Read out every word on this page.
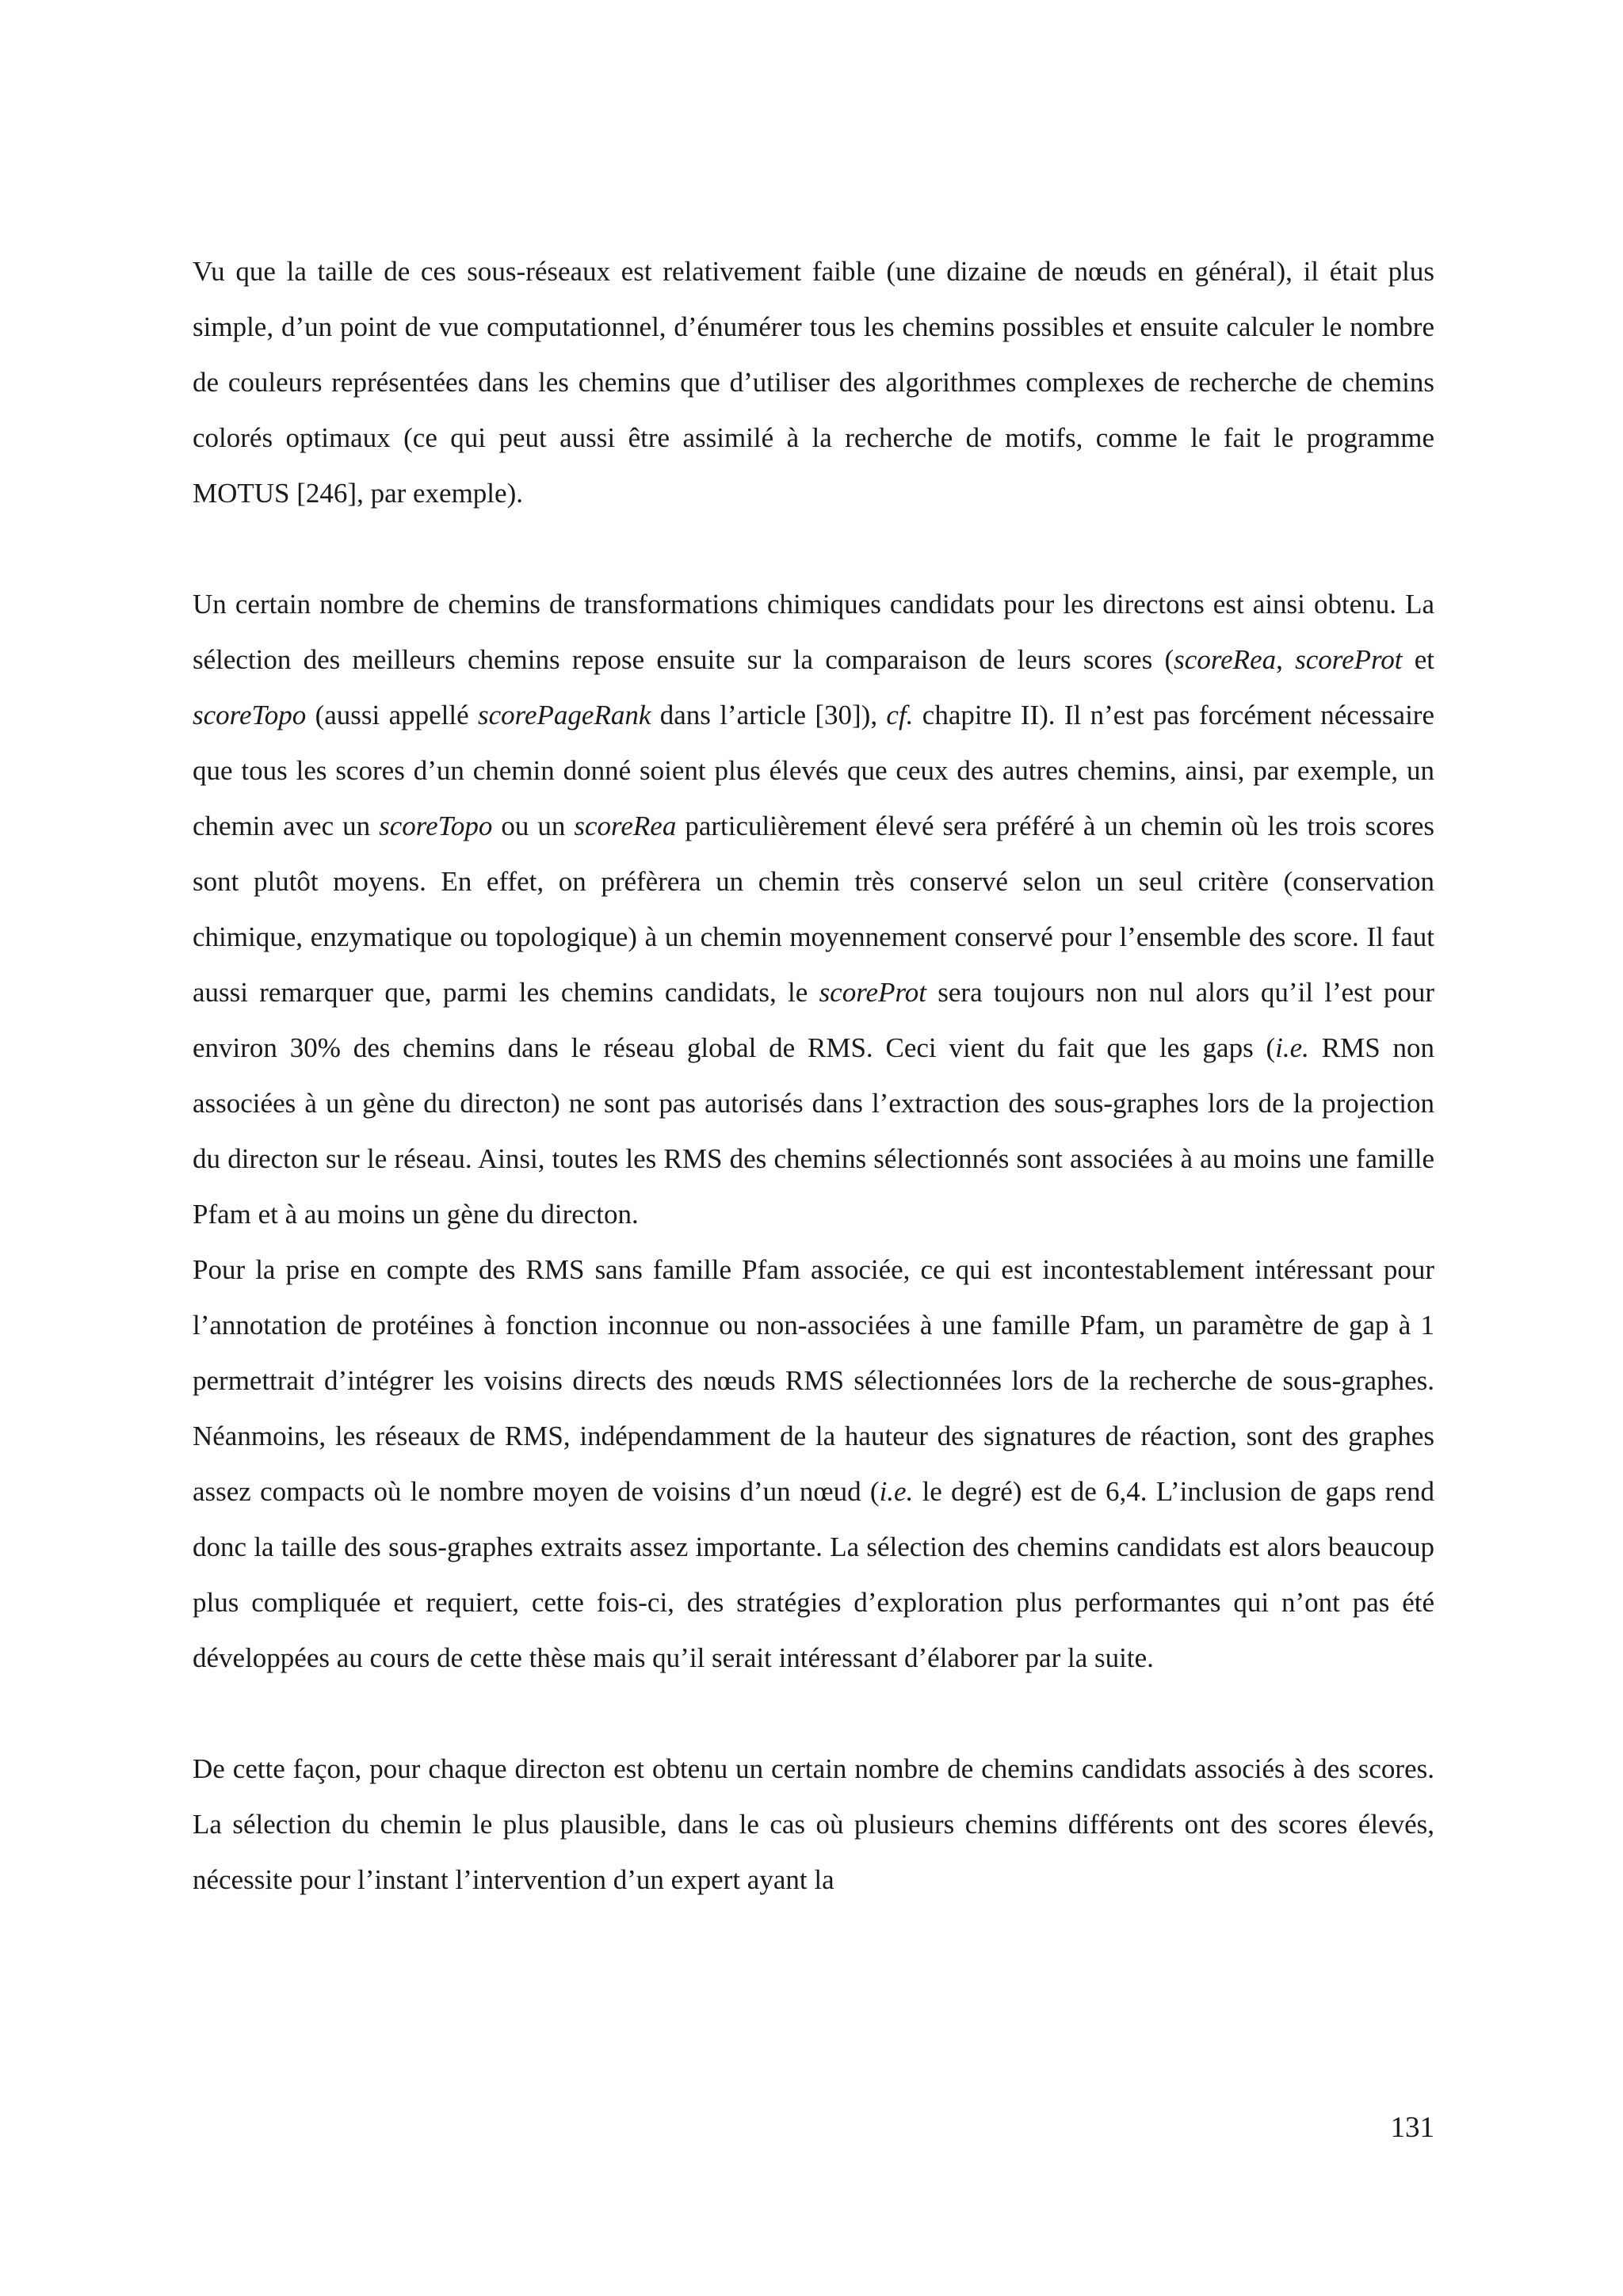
Vu que la taille de ces sous-réseaux est relativement faible (une dizaine de nœuds en général), il était plus simple, d’un point de vue computationnel, d’énumérer tous les chemins possibles et ensuite calculer le nombre de couleurs représentées dans les chemins que d’utiliser des algorithmes complexes de recherche de chemins colorés optimaux (ce qui peut aussi être assimilé à la recherche de motifs, comme le fait le programme MOTUS [246], par exemple).

Un certain nombre de chemins de transformations chimiques candidats pour les directons est ainsi obtenu. La sélection des meilleurs chemins repose ensuite sur la comparaison de leurs scores (scoreRea, scoreProt et scoreTopo (aussi appellé scorePageRank dans l’article [30]), cf. chapitre II). Il n’est pas forcément nécessaire que tous les scores d’un chemin donné soient plus élevés que ceux des autres chemins, ainsi, par exemple, un chemin avec un scoreTopo ou un scoreRea particulièrement élevé sera préféré à un chemin où les trois scores sont plutôt moyens. En effet, on préfèrera un chemin très conservé selon un seul critère (conservation chimique, enzymatique ou topologique) à un chemin moyennement conservé pour l’ensemble des score. Il faut aussi remarquer que, parmi les chemins candidats, le scoreProt sera toujours non nul alors qu’il l’est pour environ 30% des chemins dans le réseau global de RMS. Ceci vient du fait que les gaps (i.e. RMS non associées à un gène du directon) ne sont pas autorisés dans l’extraction des sous-graphes lors de la projection du directon sur le réseau. Ainsi, toutes les RMS des chemins sélectionnés sont associées à au moins une famille Pfam et à au moins un gène du directon.

Pour la prise en compte des RMS sans famille Pfam associée, ce qui est incontestablement intéressant pour l’annotation de protéines à fonction inconnue ou non-associées à une famille Pfam, un paramètre de gap à 1 permettrait d’intégrer les voisins directs des nœuds RMS sélectionnées lors de la recherche de sous-graphes. Néanmoins, les réseaux de RMS, indépendamment de la hauteur des signatures de réaction, sont des graphes assez compacts où le nombre moyen de voisins d’un nœud (i.e. le degré) est de 6,4. L’inclusion de gaps rend donc la taille des sous-graphes extraits assez importante. La sélection des chemins candidats est alors beaucoup plus compliquée et requiert, cette fois-ci, des stratégies d’exploration plus performantes qui n’ont pas été développées au cours de cette thèse mais qu’il serait intéressant d’élaborer par la suite.

De cette façon, pour chaque directon est obtenu un certain nombre de chemins candidats associés à des scores. La sélection du chemin le plus plausible, dans le cas où plusieurs chemins différents ont des scores élevés, nécessite pour l’instant l’intervention d’un expert ayant la

131
